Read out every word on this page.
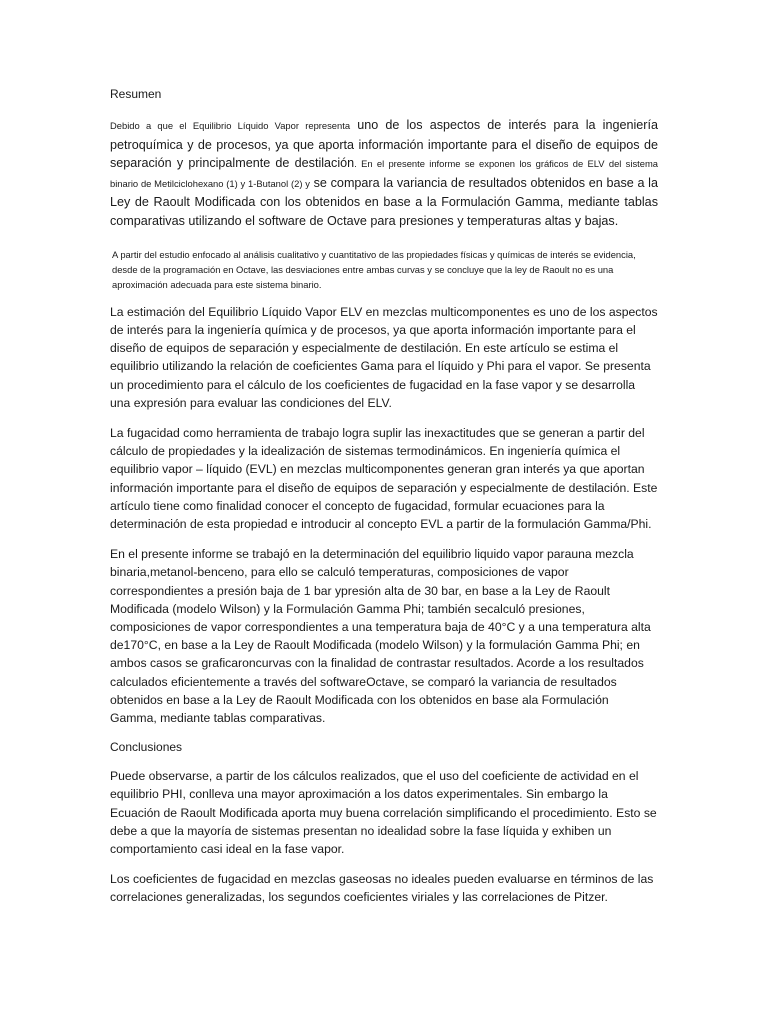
Resumen

Debido a que el Equilibrio Líquido Vapor representa uno de los aspectos de interés para la ingeniería petroquímica y de procesos, ya que aporta información importante para el diseño de equipos de separación y principalmente de destilación. En el presente informe se exponen los gráficos de ELV del sistema binario de Metilciclohexano (1) y 1-Butanol (2) y se compara la variancia de resultados obtenidos en base a la Ley de Raoult Modificada con los obtenidos en base a la Formulación Gamma, mediante tablas comparativas utilizando el software de Octave para presiones y temperaturas altas y bajas.

A partir del estudio enfocado al análisis cualitativo y cuantitativo de las propiedades físicas y químicas de interés se evidencia, desde de la programación en Octave, las desviaciones entre ambas curvas y se concluye que la ley de Raoult no es una aproximación adecuada para este sistema binario.

La estimación del Equilibrio Líquido Vapor ELV en mezclas multicomponentes es uno de los aspectos de interés para la ingeniería química y de procesos, ya que aporta información importante para el diseño de equipos de separación y especialmente de destilación. En este artículo se estima el equilibrio utilizando la relación de coeficientes Gama para el líquido y Phi para el vapor. Se presenta un procedimiento para el cálculo de los coeficientes de fugacidad en la fase vapor y se desarrolla una expresión para evaluar las condiciones del ELV.

La fugacidad como herramienta de trabajo logra suplir las inexactitudes que se generan a partir del cálculo de propiedades y la idealización de sistemas termodinámicos. En ingeniería química el equilibrio vapor – líquido (EVL) en mezclas multicomponentes generan gran interés ya que aportan información importante para el diseño de equipos de separación y especialmente de destilación. Este artículo tiene como finalidad conocer el concepto de fugacidad, formular ecuaciones para la determinación de esta propiedad e introducir al concepto EVL a partir de la formulación Gamma/Phi.

En el presente informe se trabajó en la determinación del equilibrio liquido vapor parauna mezcla binaria,metanol-benceno, para ello se calculó temperaturas, composiciones de vapor correspondientes a presión baja de 1 bar ypresión alta de 30 bar, en base a la Ley de Raoult Modificada (modelo Wilson) y la Formulación Gamma Phi; también secalculó presiones, composiciones de vapor correspondientes a una temperatura baja de 40°C y a una temperatura alta de170°C, en base a la Ley de Raoult Modificada (modelo Wilson) y la formulación Gamma Phi; en ambos casos se graficaroncurvas con la finalidad de contrastar resultados. Acorde a los resultados calculados eficientemente a través del softwareOctave, se comparó la variancia de resultados obtenidos en base a la Ley de Raoult Modificada con los obtenidos en base ala Formulación Gamma, mediante tablas comparativas.

Conclusiones

Puede observarse, a partir de los cálculos realizados, que el uso del coeficiente de actividad en el equilibrio PHI, conlleva una mayor aproximación a los datos experimentales. Sin embargo la Ecuación de Raoult Modificada aporta muy buena correlación simplificando el procedimiento. Esto se debe a que la mayoría de sistemas presentan no idealidad sobre la fase líquida y exhiben un comportamiento casi ideal en la fase vapor.

Los coeficientes de fugacidad en mezclas gaseosas no ideales pueden evaluarse en términos de las correlaciones generalizadas, los segundos coeficientes viriales y las correlaciones de Pitzer.
